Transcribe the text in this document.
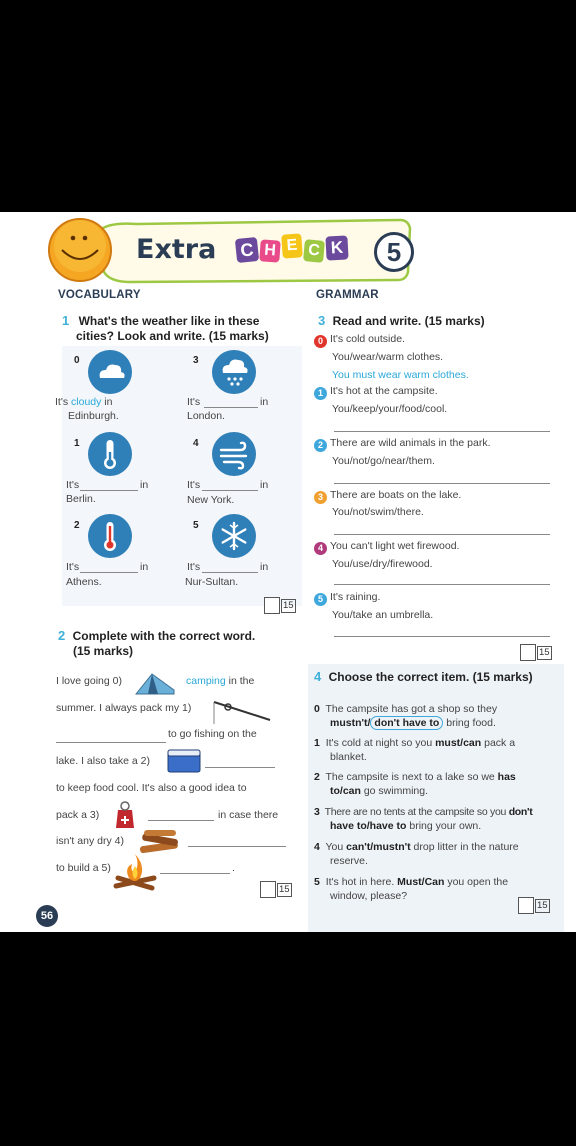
Extra C H E C K	5
VOCABULARY
1 What's the weather like in these
cities? Look and write. (15 marks)
0
It's cloudy in
Edinburgh.
3
It's	in
London.
1
It's	in
Berlin.
4
It's	in
New York.
2
It's	in
Athens.
5
It's	in
Nur-Sultan.
15
2 Complete with the correct word.
(15 marks)
I love going 0)	camping in the
summer. I always pack my 1)
to go fishing on the
lake. I also take a 2)
to keep food cool. It's also a good idea to
pack a 3)	in case there
isn't any dry 4)
to build a 5)	.
15
56
GRAMMAR
3 Read and write. (15 marks)
0 It's cold outside.
You/wear/warm clothes.
You must wear warm clothes.
1 It's hot at the campsite.
You/keep/your/food/cool.
2 There are wild animals in the park.
You/not/go/near/them.
3 There are boats on the lake.
You/not/swim/there.
4 You can't light wet firewood.
You/use/dry/firewood.
5 It's raining.
You/take an umbrella.
15
4 Choose the correct item. (15 marks)
0 The campsite has got a shop so they
mustn't/ don't have to bring food.
1 It's cold at night so you must/can pack a
blanket.
2 The campsite is next to a lake so we has
to/can go swimming.
3 There are no tents at the campsite so you don't
have to/have to bring your own.
4 You can't/mustn't drop litter in the nature
reserve.
5 It's hot in here. Must/Can you open the
window, please?
15
